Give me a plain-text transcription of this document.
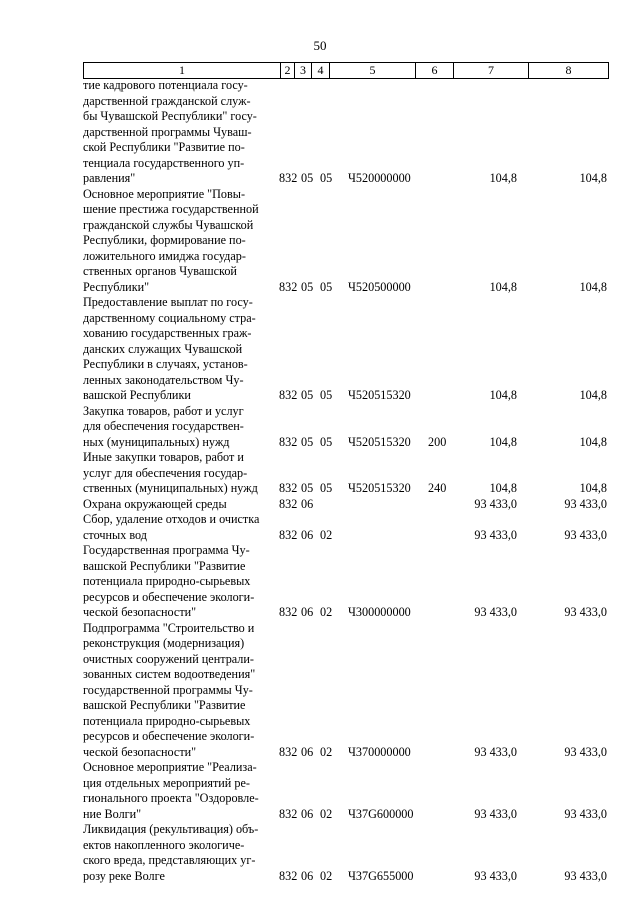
50
1	2 3 4	5	6	7	8
тие кадрового потенциала госу-
дарственной гражданской служ-
бы Чувашской Республики" госу-
дарственной программы Чуваш-
ской Республики "Развитие по-
тенциала государственного уп-
равления"	832 05 05 Ч520000000	104,8	104,8
Основное мероприятие "Повы-
шение престижа государственной
гражданской службы Чувашской
Республики, формирование по-
ложительного имиджа государ-
ственных органов Чувашской
Республики"	832 05 05 Ч520500000	104,8	104,8
Предоставление выплат по госу-
дарственному социальному стра-
хованию государственных граж-
данских служащих Чувашской
Республики в случаях, установ-
ленных законодательством Чу-
вашской Республики	832 05 05 Ч520515320	104,8	104,8
Закупка товаров, работ и услуг
для обеспечения государствен-
ных (муниципальных) нужд	832 05 05 Ч520515320 200	104,8	104,8
Иные закупки товаров, работ и
услуг для обеспечения государ-
ственных (муниципальных) нужд	832 05 05 Ч520515320 240	104,8	104,8
Охрана окружающей среды	832 06	93 433,0	93 433,0
Сбор, удаление отходов и очистка
сточных вод	832 06 02	93 433,0	93 433,0
Государственная программа Чу-
вашской Республики "Развитие
потенциала природно-сырьевых
ресурсов и обеспечение экологи-
ческой безопасности"	832 06 02 Ч300000000	93 433,0	93 433,0
Подпрограмма "Строительство и
реконструкция (модернизация)
очистных сооружений централи-
зованных систем водоотведения"
государственной программы Чу-
вашской Республики "Развитие
потенциала природно-сырьевых
ресурсов и обеспечение экологи-
ческой безопасности"	832 06 02 Ч370000000	93 433,0	93 433,0
Основное мероприятие "Реализа-
ция отдельных мероприятий ре-
гионального проекта "Оздоровле-
ние Волги"	832 06 02 Ч37G600000	93 433,0	93 433,0
Ликвидация (рекультивация) объ-
ектов накопленного экологиче-
ского вреда, представляющих уг-
розу реке Волге	832 06 02 Ч37G655000	93 433,0	93 433,0
